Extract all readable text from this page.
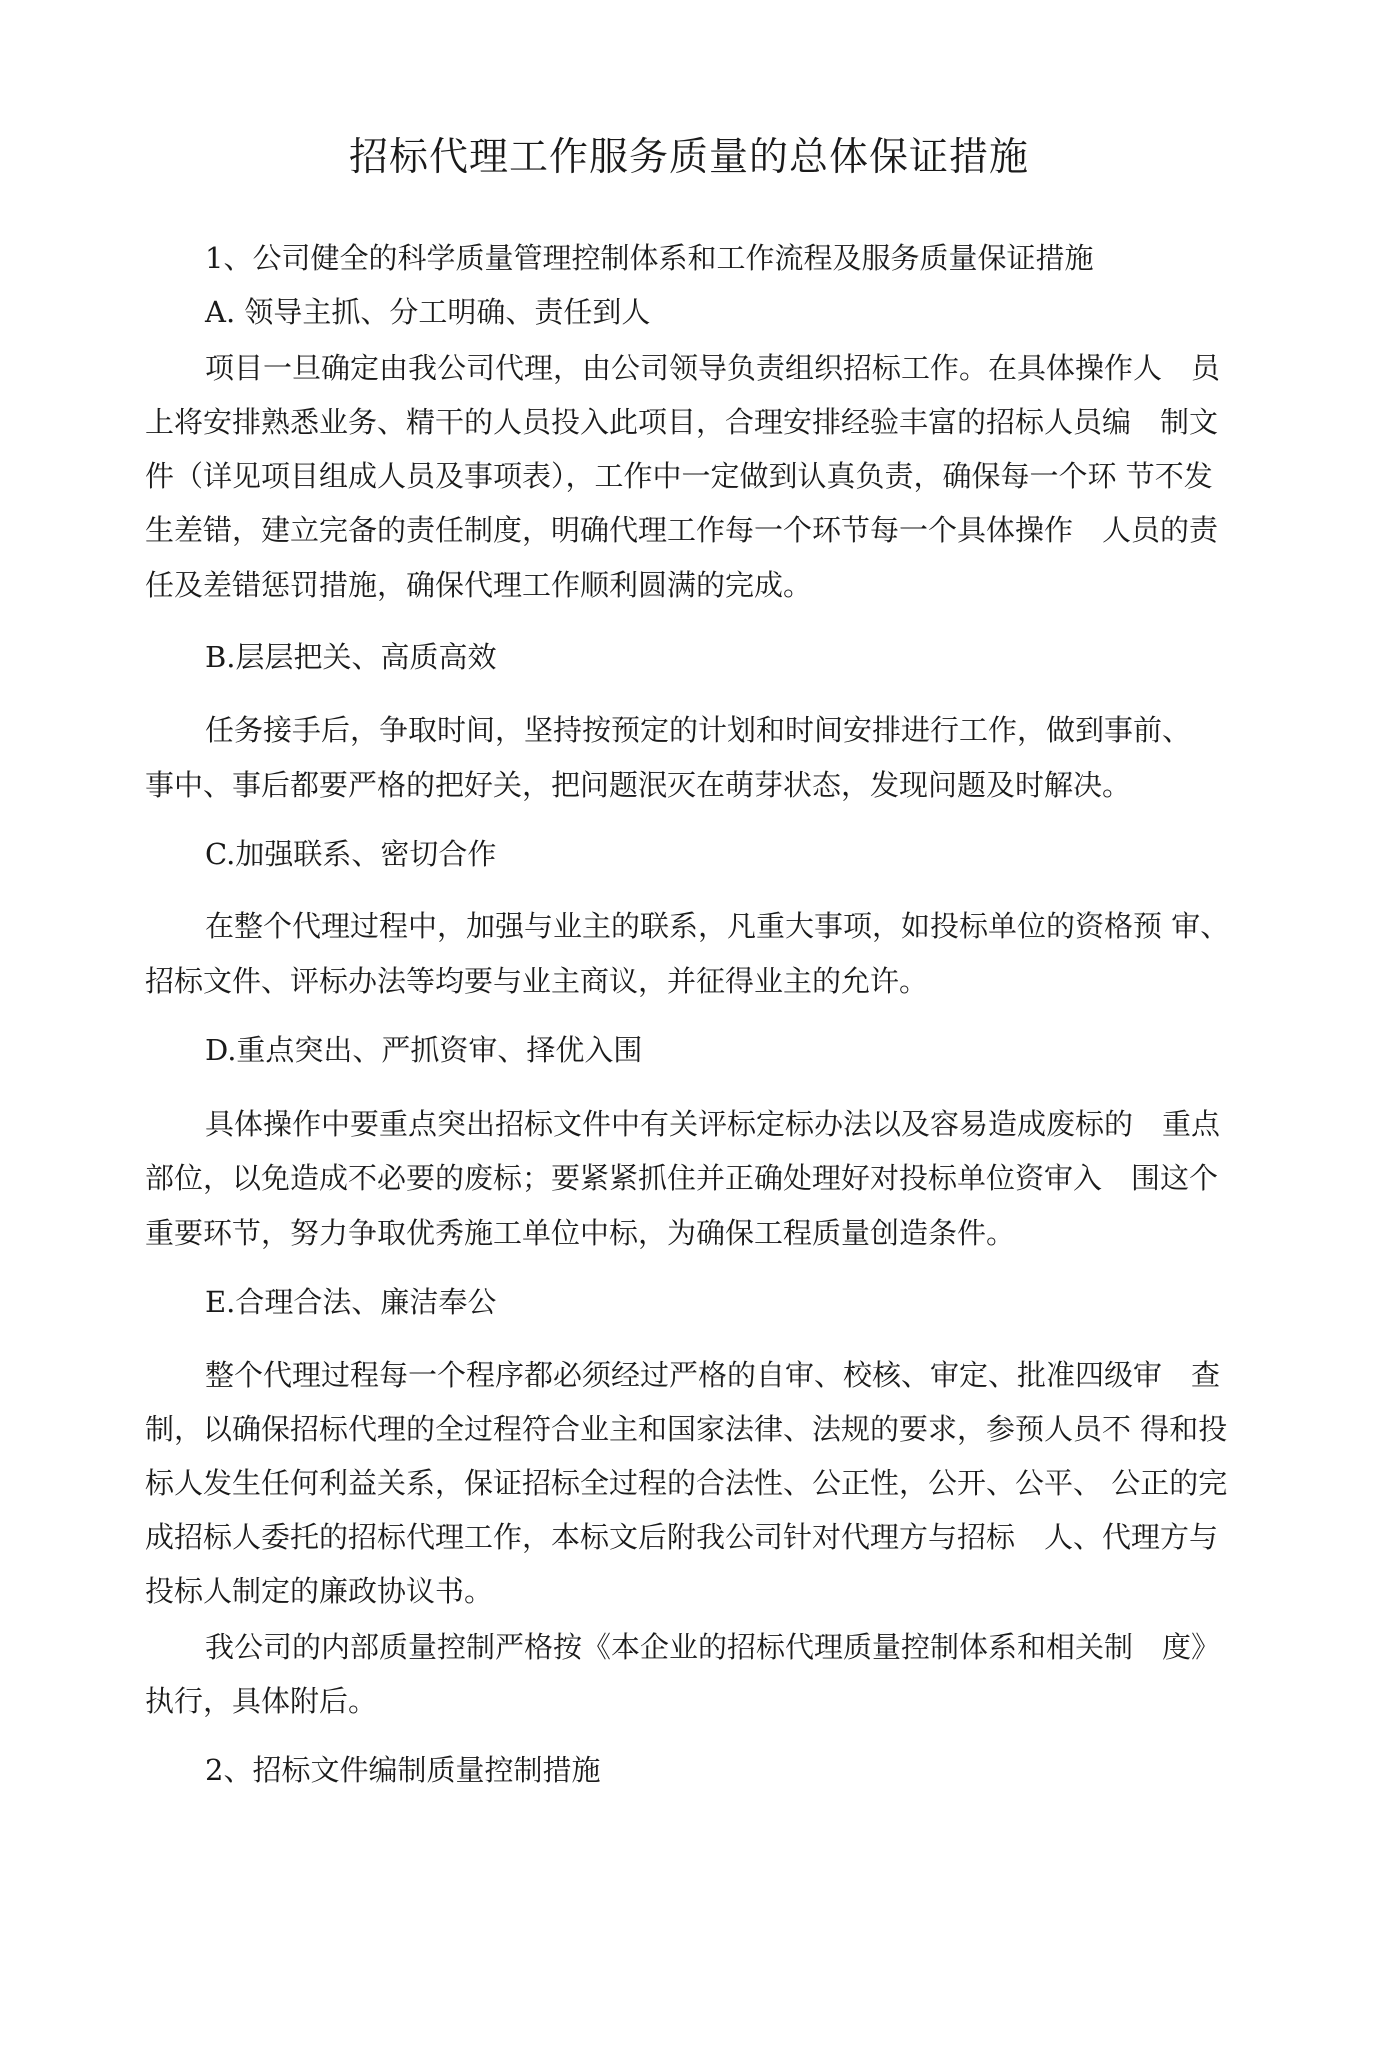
招标代理工作服务质量的总体保证措施
1、公司健全的科学质量管理控制体系和工作流程及服务质量保证措施
A. 领导主抓、分工明确、责任到人
项目一旦确定由我公司代理，由公司领导负责组织招标工作。在具体操作人　员
上将安排熟悉业务、精干的人员投入此项目，合理安排经验丰富的招标人员编　制文
件（详见项目组成人员及事项表），工作中一定做到认真负责，确保每一个环 节不发
生差错，建立完备的责任制度，明确代理工作每一个环节每一个具体操作　人员的责
任及差错惩罚措施，确保代理工作顺利圆满的完成。
B.层层把关、高质高效
任务接手后，争取时间，坚持按预定的计划和时间安排进行工作，做到事前、
事中、事后都要严格的把好关，把问题泯灭在萌芽状态，发现问题及时解决。
C.加强联系、密切合作
在整个代理过程中，加强与业主的联系，凡重大事项，如投标单位的资格预 审、
招标文件、评标办法等均要与业主商议，并征得业主的允许。
D.重点突出、严抓资审、择优入围
具体操作中要重点突出招标文件中有关评标定标办法以及容易造成废标的　重点
部位，以免造成不必要的废标；要紧紧抓住并正确处理好对投标单位资审入　围这个
重要环节，努力争取优秀施工单位中标，为确保工程质量创造条件。
E.合理合法、廉洁奉公
整个代理过程每一个程序都必须经过严格的自审、校核、审定、批准四级审　查
制，以确保招标代理的全过程符合业主和国家法律、法规的要求，参预人员不 得和投
标人发生任何利益关系，保证招标全过程的合法性、公正性，公开、公平、 公正的完
成招标人委托的招标代理工作，本标文后附我公司针对代理方与招标　人、代理方与
投标人制定的廉政协议书。
我公司的内部质量控制严格按《本企业的招标代理质量控制体系和相关制　度》
执行，具体附后。
2、招标文件编制质量控制措施
